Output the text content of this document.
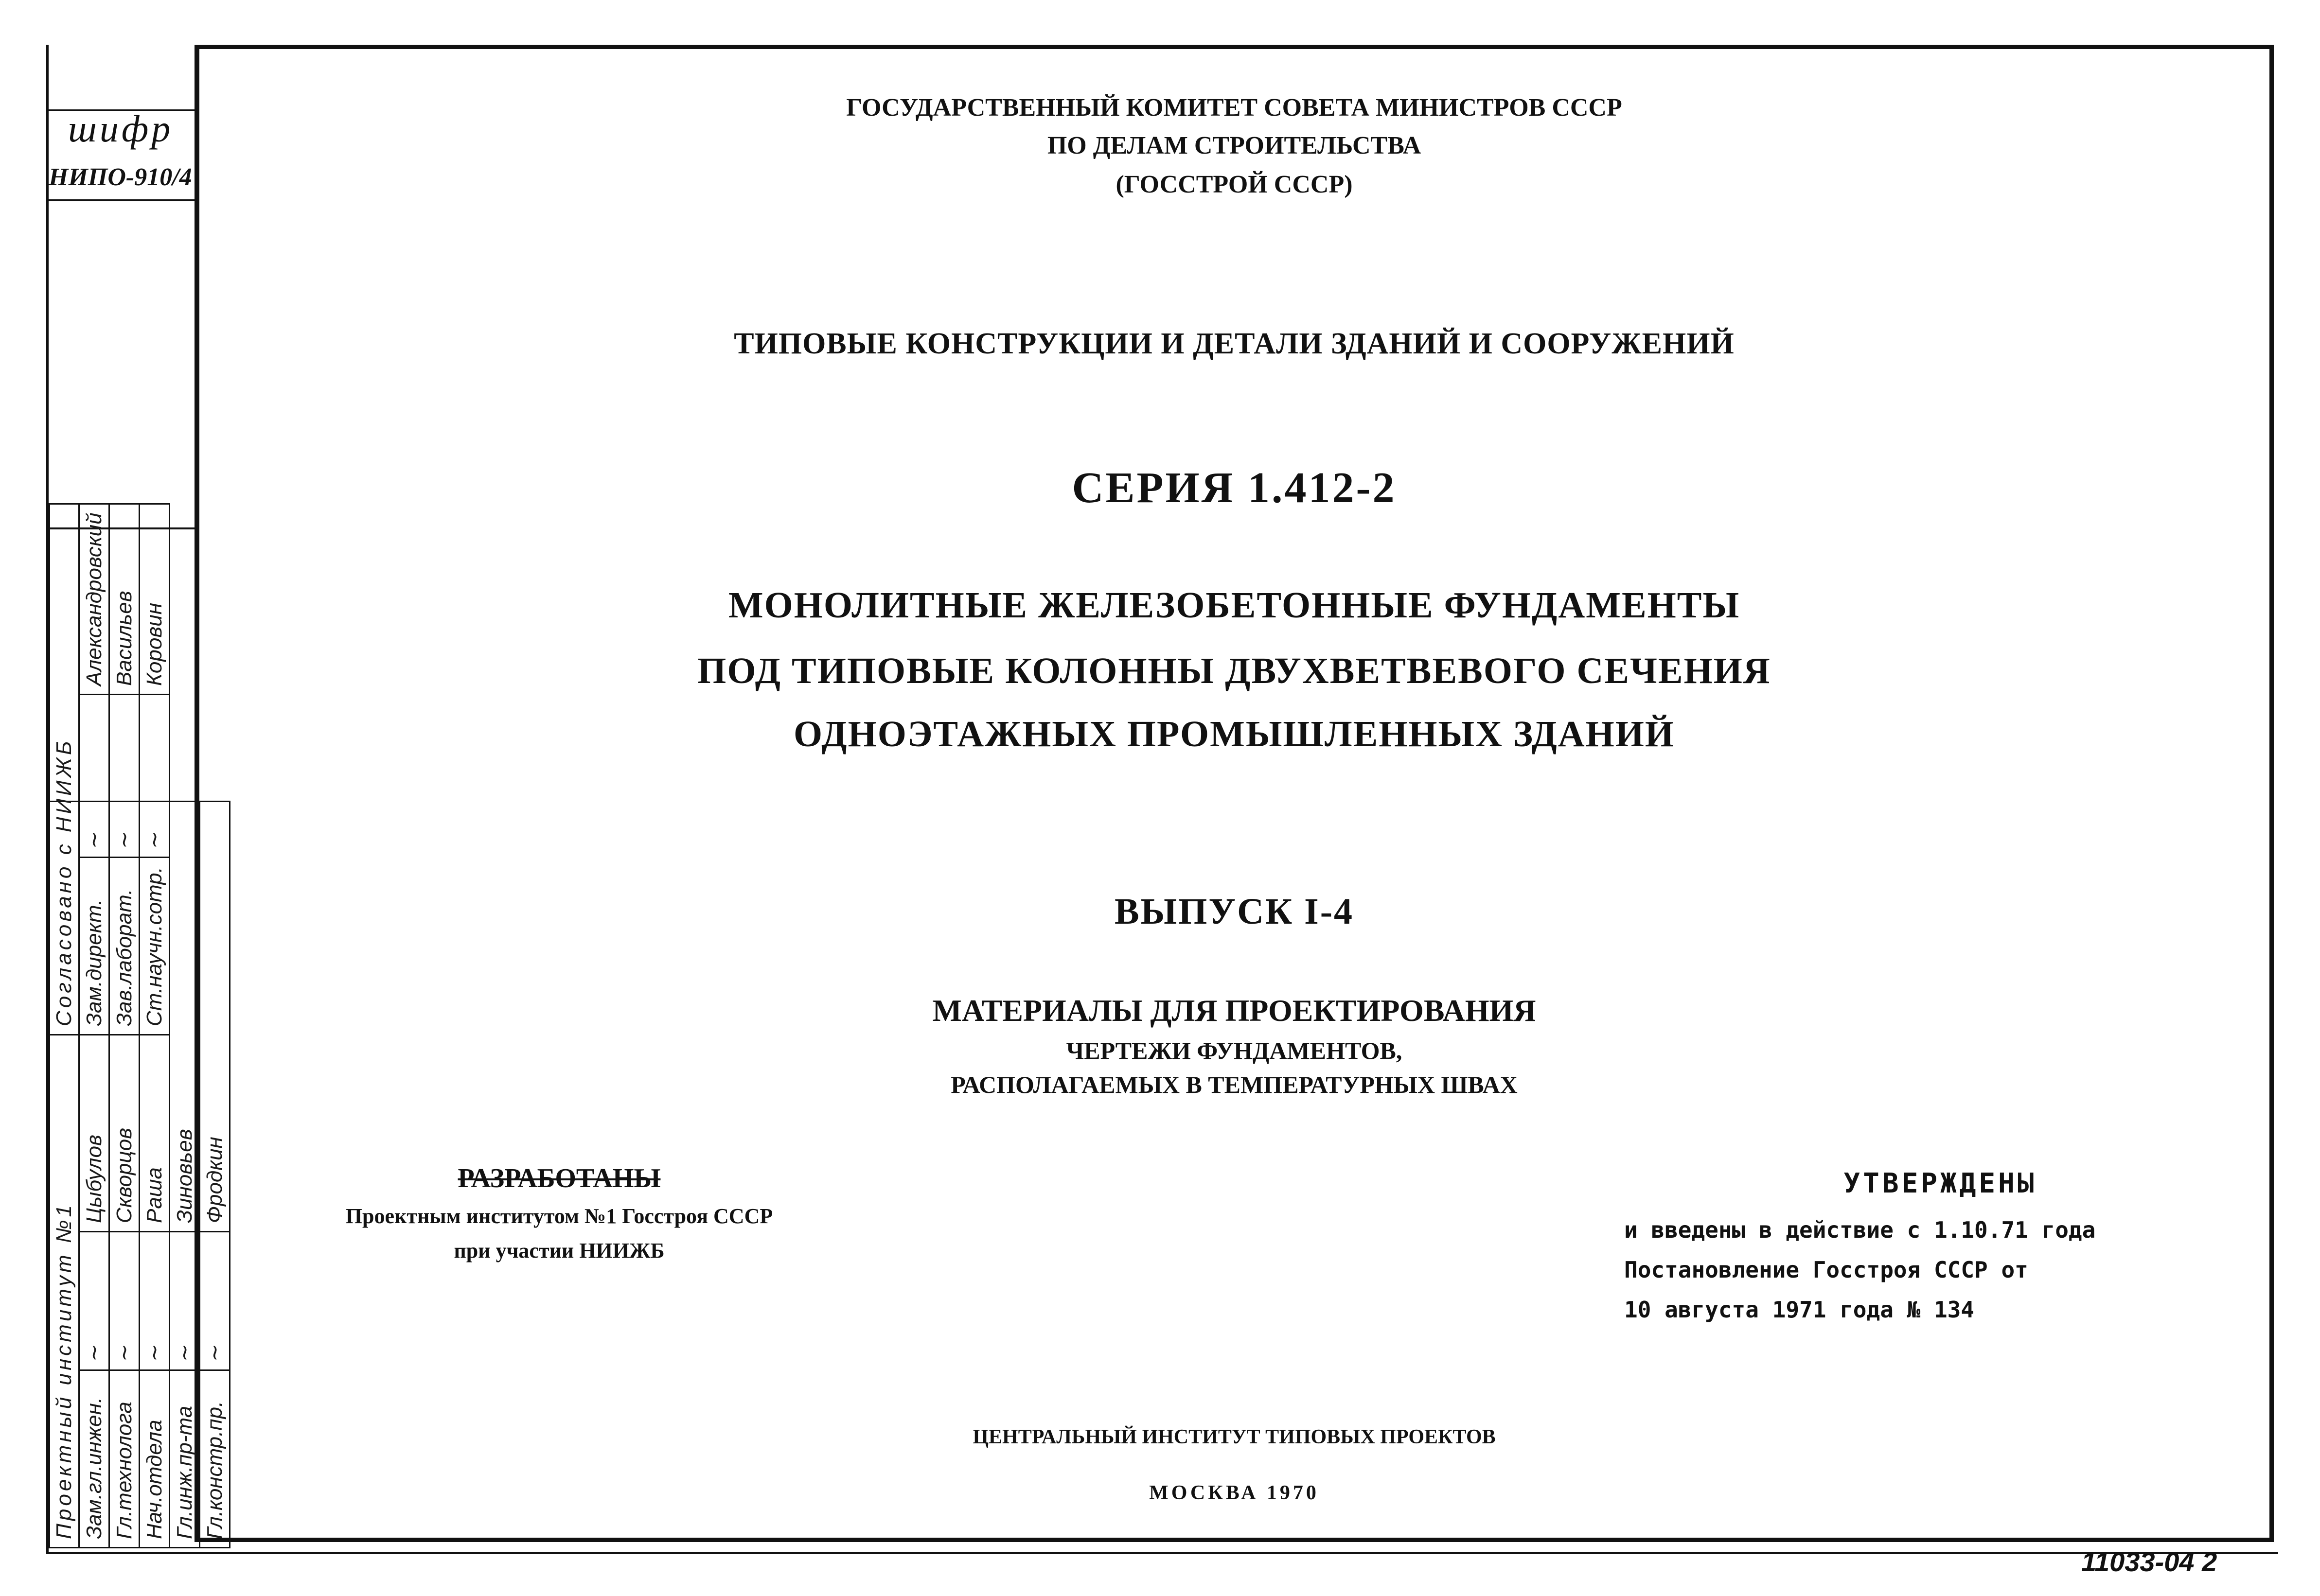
шифр
НИПО-910/4
Проектный институт №1		
Зам.гл.инжен.	~	Цыбулов
Гл.технолога	~	Скворцов
Нач.отдела	~	Раша
Гл.инж.пр-та	~	Зиновьев
Гл.констр.пр.	~	Фродкин
Согласовано с НИИЖБ		
Зам.директ.	~	Александровский
Зав.лаборат.	~	Васильев
Ст.научн.сотр.	~	Коровин
ГОСУДАРСТВЕННЫЙ КОМИТЕТ СОВЕТА МИНИСТРОВ СССР
ПО ДЕЛАМ СТРОИТЕЛЬСТВА
(ГОССТРОЙ СССР)
ТИПОВЫЕ КОНСТРУКЦИИ И ДЕТАЛИ ЗДАНИЙ И СООРУЖЕНИЙ
СЕРИЯ 1.412-2
МОНОЛИТНЫЕ ЖЕЛЕЗОБЕТОННЫЕ ФУНДАМЕНТЫ
ПОД ТИПОВЫЕ КОЛОННЫ ДВУХВЕТВЕВОГО СЕЧЕНИЯ
ОДНОЭТАЖНЫХ ПРОМЫШЛЕННЫХ ЗДАНИЙ
ВЫПУСК I-4
МАТЕРИАЛЫ ДЛЯ ПРОЕКТИРОВАНИЯ
ЧЕРТЕЖИ ФУНДАМЕНТОВ,
РАСПОЛАГАЕМЫХ В ТЕМПЕРАТУРНЫХ ШВАХ
РАЗРАБОТАНЫ
Проектным институтом №1 Госстроя СССР
при участии НИИЖБ
УТВЕРЖДЕНЫ
и введены в действие с 1.10.71 года
Постановление Госстроя СССР от
10 августа 1971 года № 134
ЦЕНТРАЛЬНЫЙ ИНСТИТУТ ТИПОВЫХ ПРОЕКТОВ
МОСКВА 1970
11033-04 2
